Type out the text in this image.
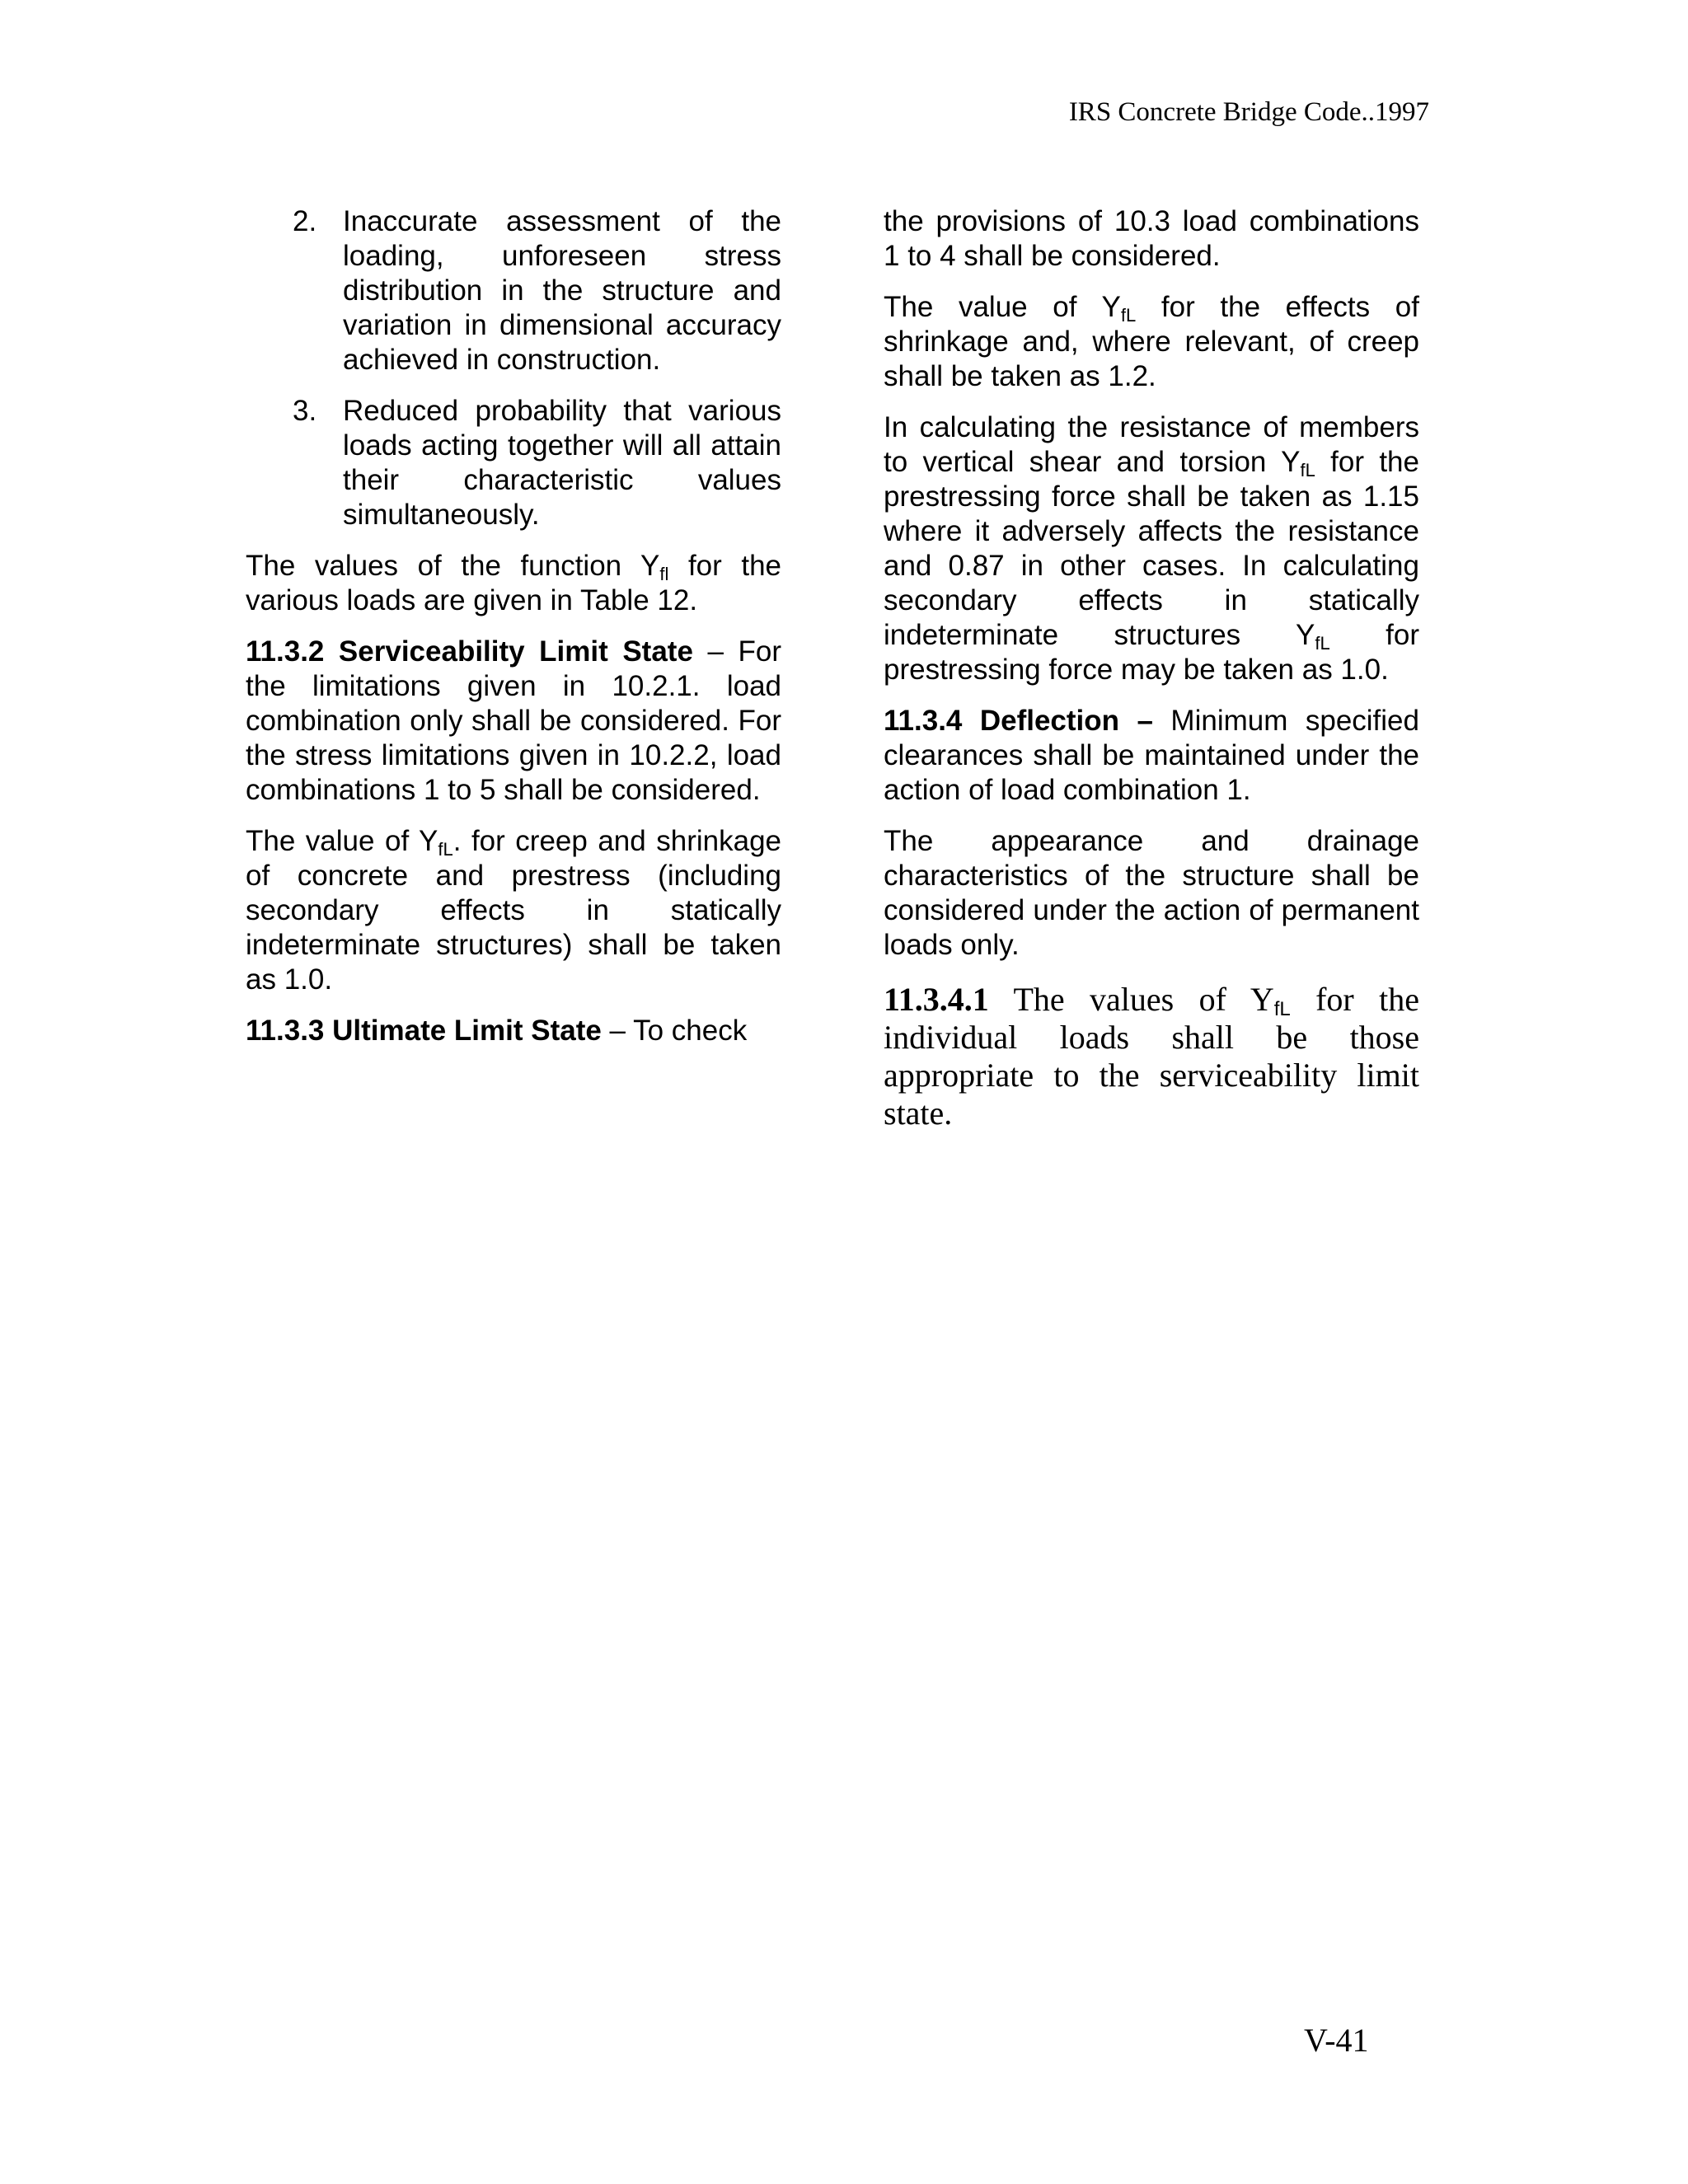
IRS Concrete Bridge Code..1997
2. Inaccurate assessment of the loading, unforeseen stress distribution in the structure and variation in dimensional accuracy achieved in construction.
3. Reduced probability that various loads acting together will all attain their characteristic values simultaneously.

The values of the function $Y_{fl}$ for the various loads are given in Table 12.

11.3.2 Serviceability Limit State – For the limitations given in 10.2.1. load combination only shall be considered. For the stress limitations given in 10.2.2, load combinations 1 to 5 shall be considered.

The value of $Y_{fL}$. for creep and shrinkage of concrete and prestress (including secondary effects in statically indeterminate structures) shall be taken as 1.0.

11.3.3 Ultimate Limit State – To check

the provisions of 10.3 load combinations 1 to 4 shall be considered.

The value of $Y_{fL}$ for the effects of shrinkage and, where relevant, of creep shall be taken as 1.2.

In calculating the resistance of members to vertical shear and torsion $Y_{fL}$ for the prestressing force shall be taken as 1.15 where it adversely affects the resistance and 0.87 in other cases. In calculating secondary effects in statically indeterminate structures $Y_{fL}$ for prestressing force may be taken as 1.0.

11.3.4 Deflection – Minimum specified clearances shall be maintained under the action of load combination 1.

The appearance and drainage characteristics of the structure shall be considered under the action of permanent loads only.

11.3.4.1 The values of $Y_{fL}$ for the individual loads shall be those appropriate to the serviceability limit state.

V-41
